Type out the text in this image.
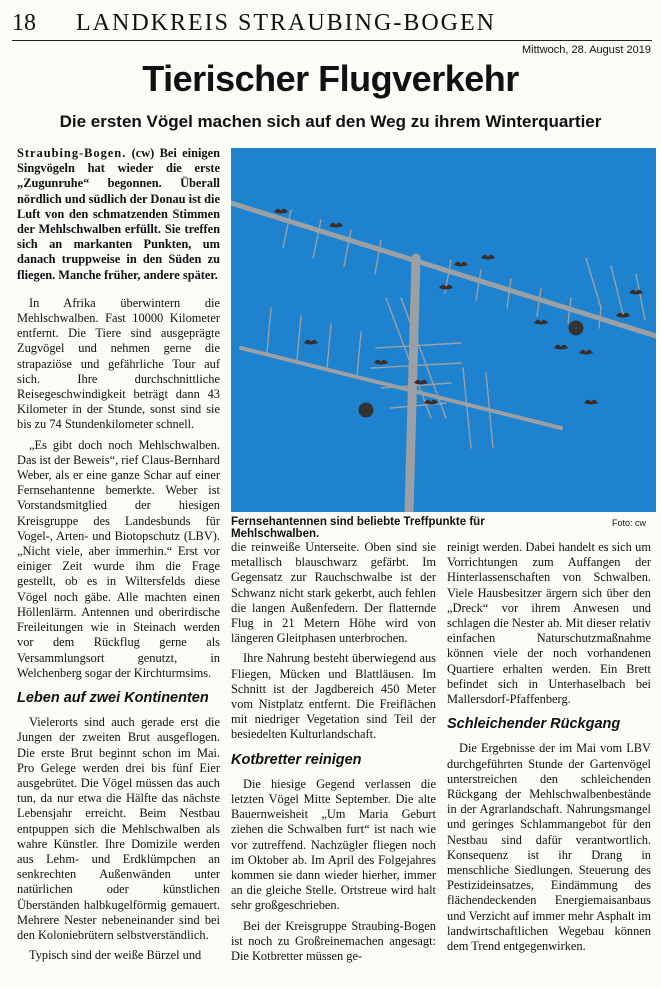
18 LANDKREIS STRAUBING-BOGEN
Mittwoch, 28. August 2019
Tierischer Flugverkehr
Die ersten Vögel machen sich auf den Weg zu ihrem Winterquartier

Straubing-Bogen. (cw) Bei einigen Singvögeln hat wieder die erste „Zugunruhe“ begonnen. Überall nördlich und südlich der Donau ist die Luft von den schmatzenden Stimmen der Mehlschwalben erfüllt. Sie treffen sich an markanten Punkten, um danach truppweise in den Süden zu fliegen. Manche früher, andere später.

In Afrika überwintern die Mehlschwalben. Fast 10000 Kilometer entfernt. Die Tiere sind ausgeprägte Zugvögel und nehmen gerne die strapaziöse und gefährliche Tour auf sich. Ihre durchschnittliche Reisegeschwindigkeit beträgt dann 43 Kilometer in der Stunde, sonst sind sie bis zu 74 Stundenkilometer schnell.

„Es gibt doch noch Mehlschwalben. Das ist der Beweis“, rief Claus-Bernhard Weber, als er eine ganze Schar auf einer Fernsehantenne bemerkte. Weber ist Vorstandsmitglied der hiesigen Kreisgruppe des Landesbunds für Vogel-, Arten- und Biotopschutz (LBV). „Nicht viele, aber immerhin.“ Erst vor einiger Zeit wurde ihm die Frage gestellt, ob es in Wiltersfelds diese Vögel noch gäbe. Alle machten einen Höllenlärm. Antennen und oberirdische Freileitungen wie in Steinach werden vor dem Rückflug gerne als Versammlungsort genutzt, in Welchenberg sogar der Kirchturmsims.

Leben auf zwei Kontinenten

Vielerorts sind auch gerade erst die Jungen der zweiten Brut ausgeflogen. Die erste Brut beginnt schon im Mai. Pro Gelege werden drei bis fünf Eier ausgebrütet. Die Vögel müssen das auch tun, da nur etwa die Hälfte das nächste Lebensjahr erreicht. Beim Nestbau entpuppen sich die Mehlschwalben als wahre Künstler. Ihre Domizile werden aus Lehm- und Erdklümpchen an senkrechten Außenwänden unter natürlichen oder künstlichen Überständen halbkugelförmig gemauert. Mehrere Nester nebeneinander sind bei den Koloniebrütern selbstverständlich.

Typisch sind der weiße Bürzel und

Fernsehantennen sind beliebte Treffpunkte für Mehlschwalben.
Foto: cw

die reinweiße Unterseite. Oben sind sie metallisch blauschwarz gefärbt. Im Gegensatz zur Rauchschwalbe ist der Schwanz nicht stark gekerbt, auch fehlen die langen Außenfedern. Der flatternde Flug in 21 Metern Höhe wird von längeren Gleitphasen unterbrochen.

Ihre Nahrung besteht überwiegend aus Fliegen, Mücken und Blattläusen. Im Schnitt ist der Jagdbereich 450 Meter vom Nistplatz entfernt. Die Freiflächen mit niedriger Vegetation sind Teil der besiedelten Kulturlandschaft.

Kotbretter reinigen

Die hiesige Gegend verlassen die letzten Vögel Mitte September. Die alte Bauernweisheit „Um Maria Geburt ziehen die Schwalben furt“ ist nach wie vor zutreffend. Nachzügler fliegen noch im Oktober ab. Im April des Folgejahres kommen sie dann wieder hierher, immer an die gleiche Stelle. Ortstreue wird halt sehr großgeschrieben.

Bei der Kreisgruppe Straubing-Bogen ist noch zu Großreinemachen angesagt: Die Kotbretter müssen ge-

reinigt werden. Dabei handelt es sich um Vorrichtungen zum Auffangen der Hinterlassenschaften von Schwalben. Viele Hausbesitzer ärgern sich über den „Dreck“ vor ihrem Anwesen und schlagen die Nester ab. Mit dieser relativ einfachen Naturschutzmaßnahme können viele der noch vorhandenen Quartiere erhalten werden. Ein Brett befindet sich in Unterhaselbach bei Mallersdorf-Pfaffenberg.

Schleichender Rückgang

Die Ergebnisse der im Mai vom LBV durchgeführten Stunde der Gartenvögel unterstreichen den schleichenden Rückgang der Mehlschwalbenbestände in der Agrarlandschaft. Nahrungsmangel und geringes Schlammangebot für den Nestbau sind dafür verantwortlich. Konsequenz ist ihr Drang in menschliche Siedlungen. Steuerung des Pestizideinsatzes, Eindämmung des flächendeckenden Energiemaisanbaus und Verzicht auf immer mehr Asphalt im landwirtschaftlichen Wegebau können dem Trend entgegenwirken.
